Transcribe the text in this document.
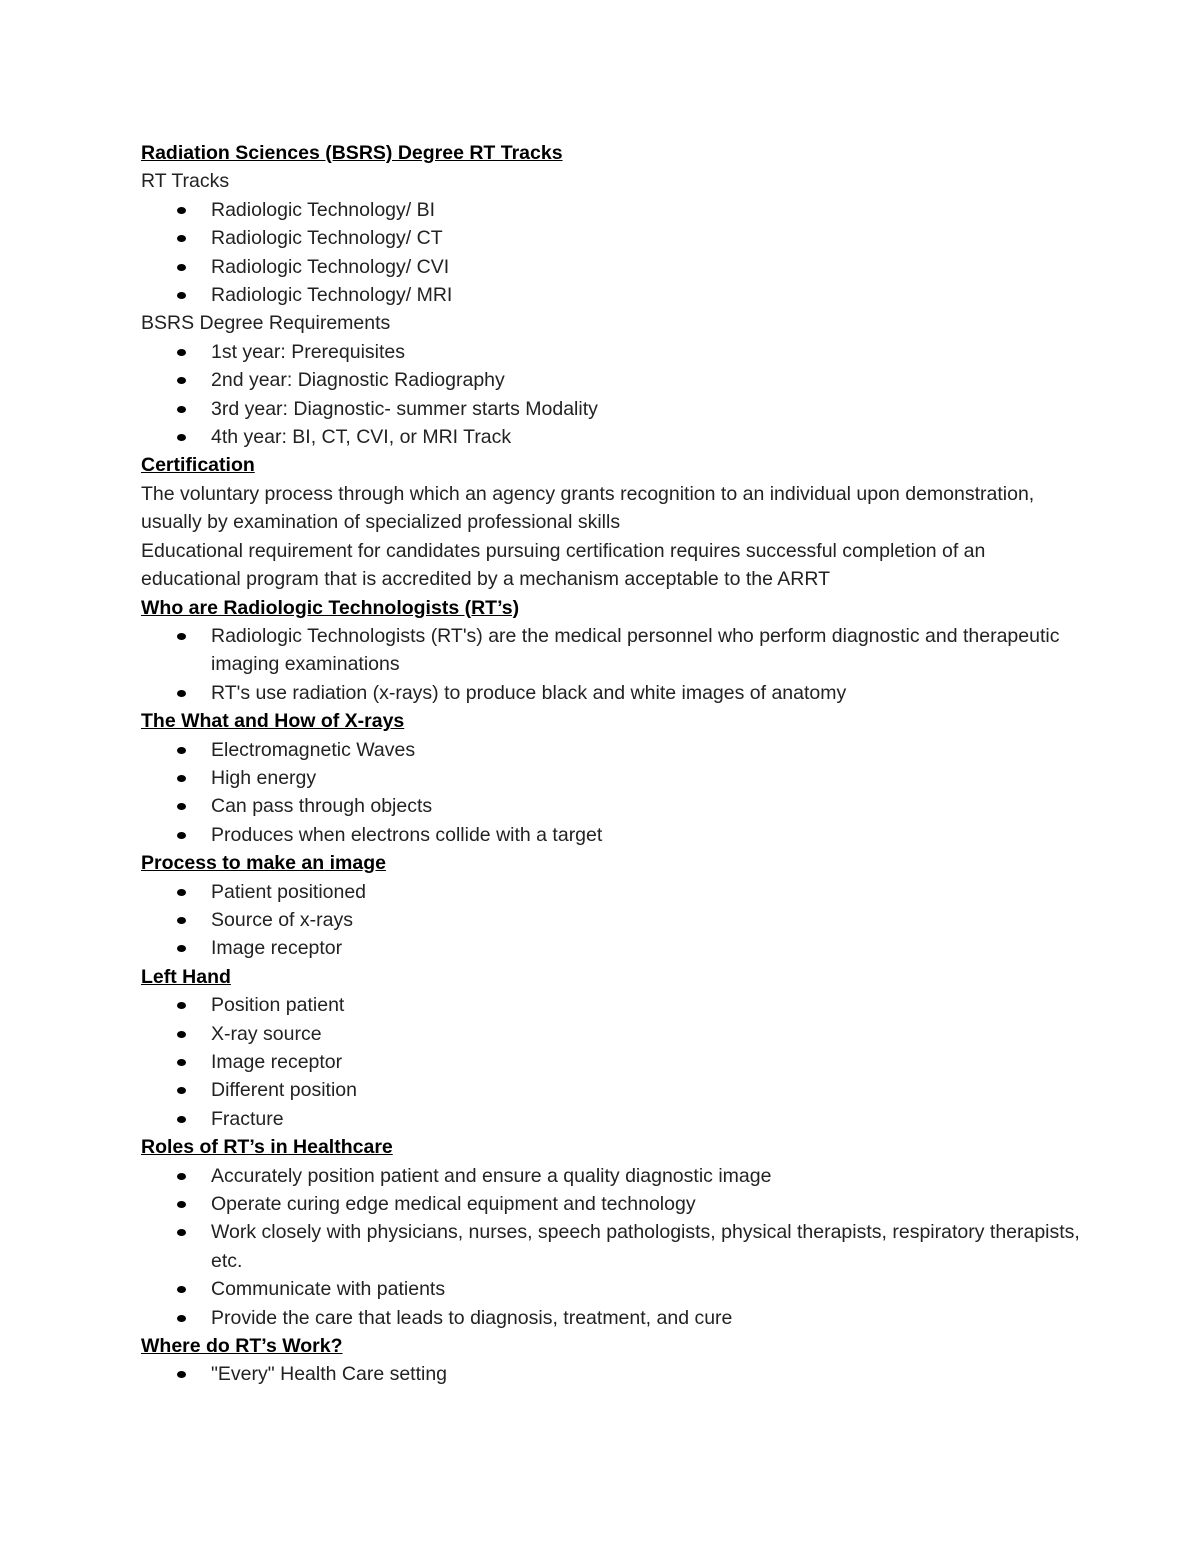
Radiation Sciences (BSRS) Degree RT Tracks
RT Tracks
Radiologic Technology/ BI
Radiologic Technology/ CT
Radiologic Technology/ CVI
Radiologic Technology/ MRI
BSRS Degree Requirements
1st year: Prerequisites
2nd year: Diagnostic Radiography
3rd year: Diagnostic- summer starts Modality
4th year: BI, CT, CVI, or MRI Track
Certification
The voluntary process through which an agency grants recognition to an individual upon demonstration, usually by examination of specialized professional skills
Educational requirement for candidates pursuing certification requires successful completion of an educational program that is accredited by a mechanism acceptable to the ARRT
Who are Radiologic Technologists (RT’s)
Radiologic Technologists (RT's) are the medical personnel who perform diagnostic and therapeutic imaging examinations
RT's use radiation (x-rays) to produce black and white images of anatomy
The What and How of X-rays
Electromagnetic Waves
High energy
Can pass through objects
Produces when electrons collide with a target
Process to make an image
Patient positioned
Source of x-rays
Image receptor
Left Hand
Position patient
X-ray source
Image receptor
Different position
Fracture
Roles of RT’s in Healthcare
Accurately position patient and ensure a quality diagnostic image
Operate curing edge medical equipment and technology
Work closely with physicians, nurses, speech pathologists, physical therapists, respiratory therapists, etc.
Communicate with patients
Provide the care that leads to diagnosis, treatment, and cure
Where do RT’s Work?
"Every" Health Care setting
